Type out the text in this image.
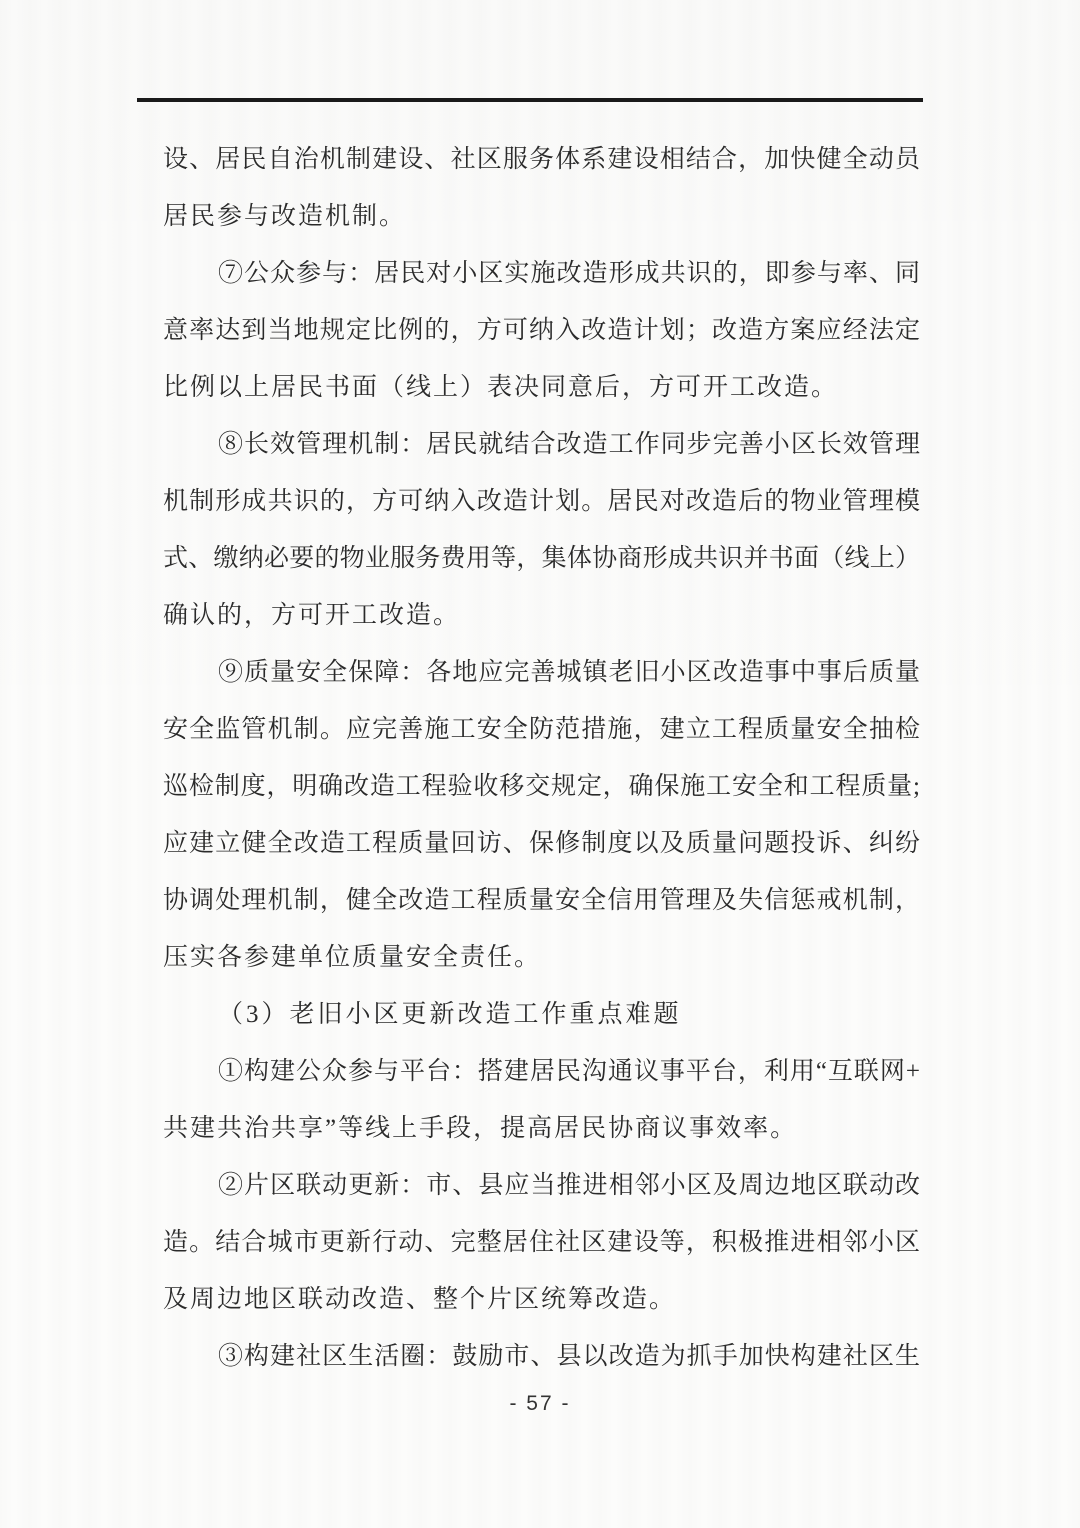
设、居民自治机制建设、社区服务体系建设相结合，加快健全动员
居民参与改造机制。
⑦公众参与：居民对小区实施改造形成共识的，即参与率、同
意率达到当地规定比例的，方可纳入改造计划；改造方案应经法定
比例以上居民书面（线上）表决同意后，方可开工改造。
⑧长效管理机制：居民就结合改造工作同步完善小区长效管理
机制形成共识的，方可纳入改造计划。居民对改造后的物业管理模
式、缴纳必要的物业服务费用等，集体协商形成共识并书面（线上）
确认的，方可开工改造。
⑨质量安全保障：各地应完善城镇老旧小区改造事中事后质量
安全监管机制。应完善施工安全防范措施，建立工程质量安全抽检
巡检制度，明确改造工程验收移交规定，确保施工安全和工程质量;
应建立健全改造工程质量回访、保修制度以及质量问题投诉、纠纷
协调处理机制，健全改造工程质量安全信用管理及失信惩戒机制，
压实各参建单位质量安全责任。
（3）老旧小区更新改造工作重点难题
①构建公众参与平台：搭建居民沟通议事平台，利用“互联网+
共建共治共享”等线上手段，提高居民协商议事效率。
②片区联动更新：市、县应当推进相邻小区及周边地区联动改
造。结合城市更新行动、完整居住社区建设等，积极推进相邻小区
及周边地区联动改造、整个片区统筹改造。
③构建社区生活圈：鼓励市、县以改造为抓手加快构建社区生
- 57 -
